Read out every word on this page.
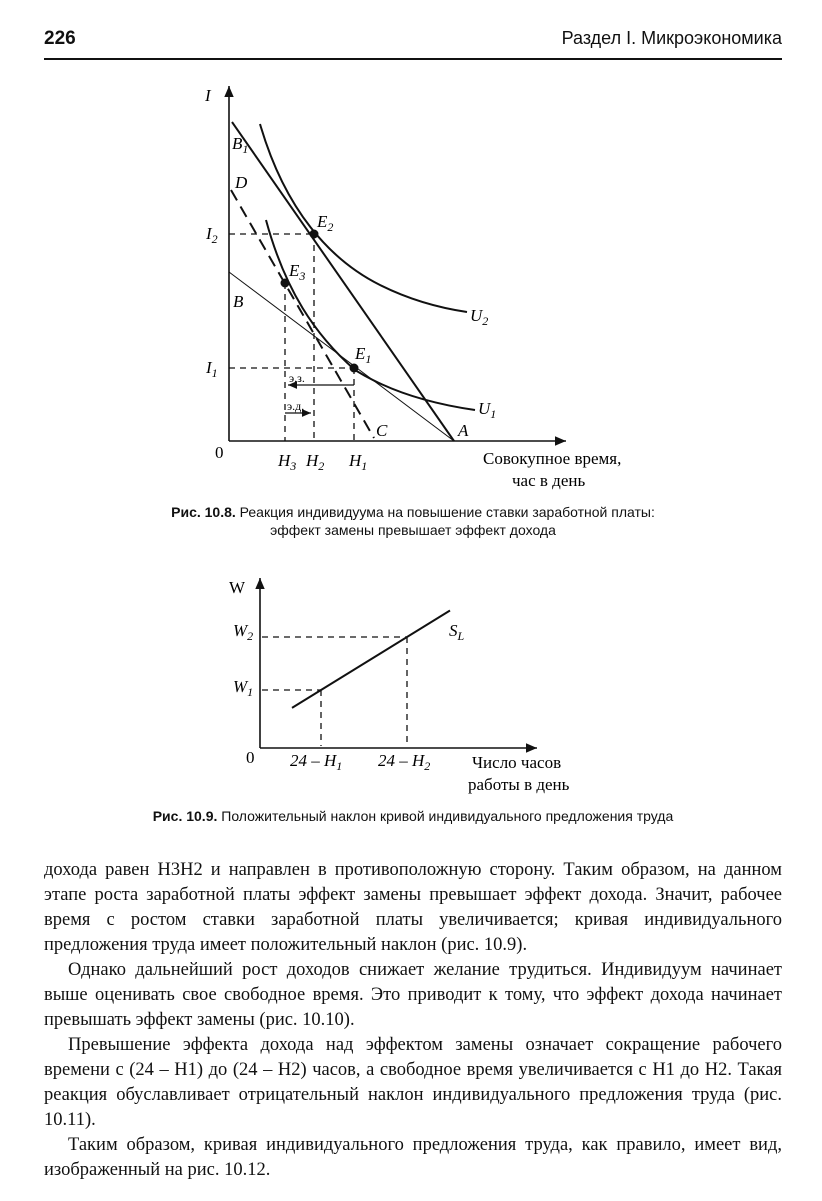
226	Раздел I. Микроэкономика
I
$B_1$
D
$I_2$
$E_2$
$E_3$
B
$U_2$
$I_1$
$E_1$
э.з.
э.д.	$U_1$
C	A
0	$H_3$ $H_2$ $H_1$	Совокупное время,
час в день
W
$W_2$
$W_1$
$S_L$
0 $24 - H_1$ $24 - H_2$ Число часов
работы в день
Рис. 10.8. Реакция индивидуума на повышение ставки заработной платы:
эффект замены превышает эффект дохода
Рис. 10.9. Положительный наклон кривой индивидуального предложения труда

дохода равен H3H2 и направлен в противоположную сторону. Таким образом, на данном этапе роста заработной платы эффект замены превышает эффект дохода. Значит, рабочее время с ростом ставки заработной платы увеличивается; кривая индивидуального предложения труда имеет положительный наклон (рис. 10.9).

Однако дальнейший рост доходов снижает желание трудиться. Индивидуум начинает выше оценивать свое свободное время. Это приводит к тому, что эффект дохода начинает превышать эффект замены (рис. 10.10).

Превышение эффекта дохода над эффектом замены означает сокращение рабочего времени с (24 – H1) до (24 – H2) часов, а свободное время увеличивается с H1 до H2. Такая реакция обуславливает отрицательный наклон индивидуального предложения труда (рис. 10.11).

Таким образом, кривая индивидуального предложения труда, как правило, имеет вид, изображенный на рис. 10.12.
